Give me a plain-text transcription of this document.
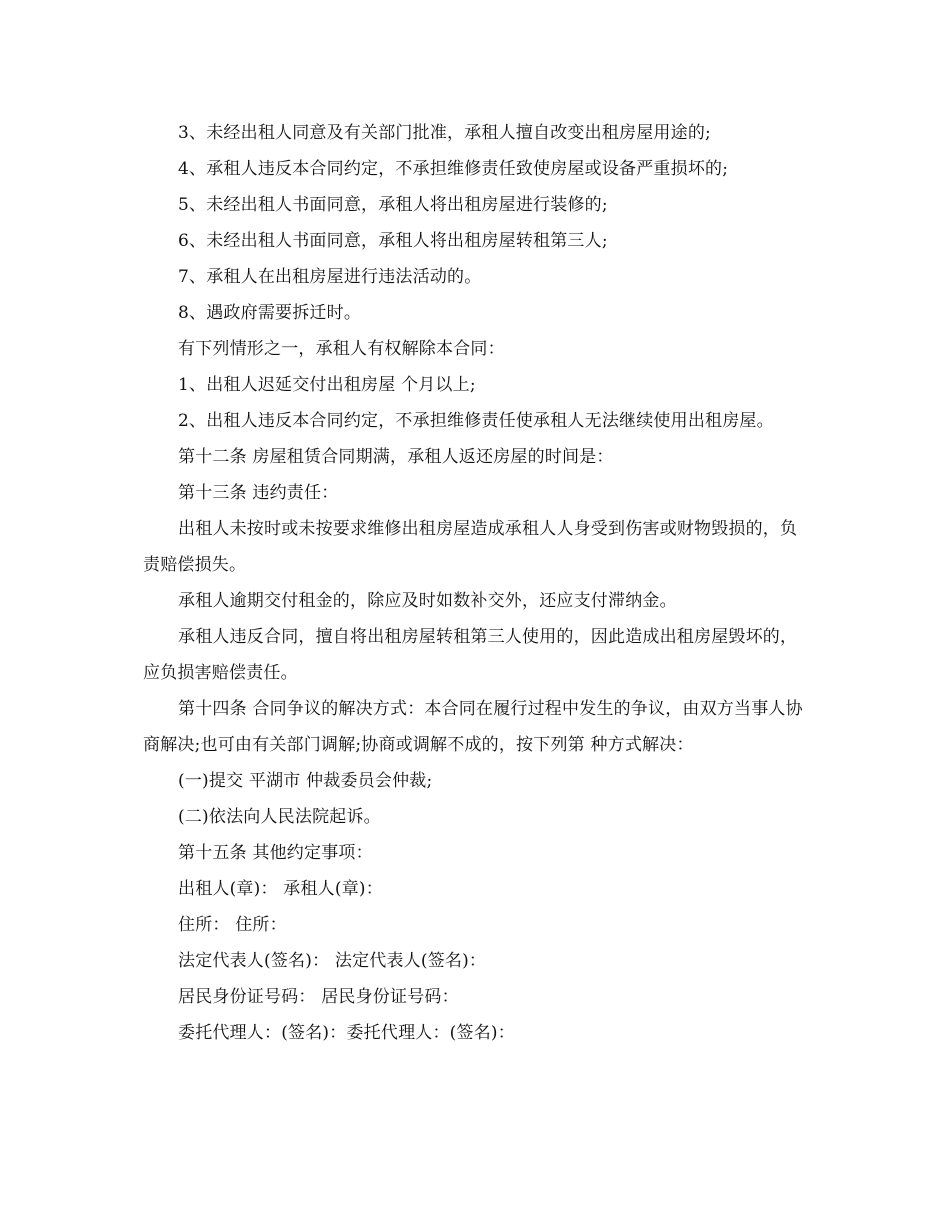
3、未经出租人同意及有关部门批准，承租人擅自改变出租房屋用途的;

4、承租人违反本合同约定，不承担维修责任致使房屋或设备严重损坏的;

5、未经出租人书面同意，承租人将出租房屋进行装修的;

6、未经出租人书面同意，承租人将出租房屋转租第三人;

7、承租人在出租房屋进行违法活动的。

8、遇政府需要拆迁时。

有下列情形之一，承租人有权解除本合同：

1、出租人迟延交付出租房屋 个月以上;

2、出租人违反本合同约定，不承担维修责任使承租人无法继续使用出租房屋。

第十二条 房屋租赁合同期满，承租人返还房屋的时间是：

第十三条 违约责任：

出租人未按时或未按要求维修出租房屋造成承租人人身受到伤害或财物毁损的，负责赔偿损失。

承租人逾期交付租金的，除应及时如数补交外，还应支付滞纳金。

承租人违反合同，擅自将出租房屋转租第三人使用的，因此造成出租房屋毁坏的，应负损害赔偿责任。

第十四条 合同争议的解决方式：本合同在履行过程中发生的争议，由双方当事人协商解决;也可由有关部门调解;协商或调解不成的，按下列第 种方式解决：

(一)提交 平湖市 仲裁委员会仲裁;

(二)依法向人民法院起诉。

第十五条 其他约定事项：

出租人(章)： 承租人(章)：

住所： 住所：

法定代表人(签名)： 法定代表人(签名)：

居民身份证号码： 居民身份证号码：

委托代理人：(签名)：委托代理人：(签名)：
